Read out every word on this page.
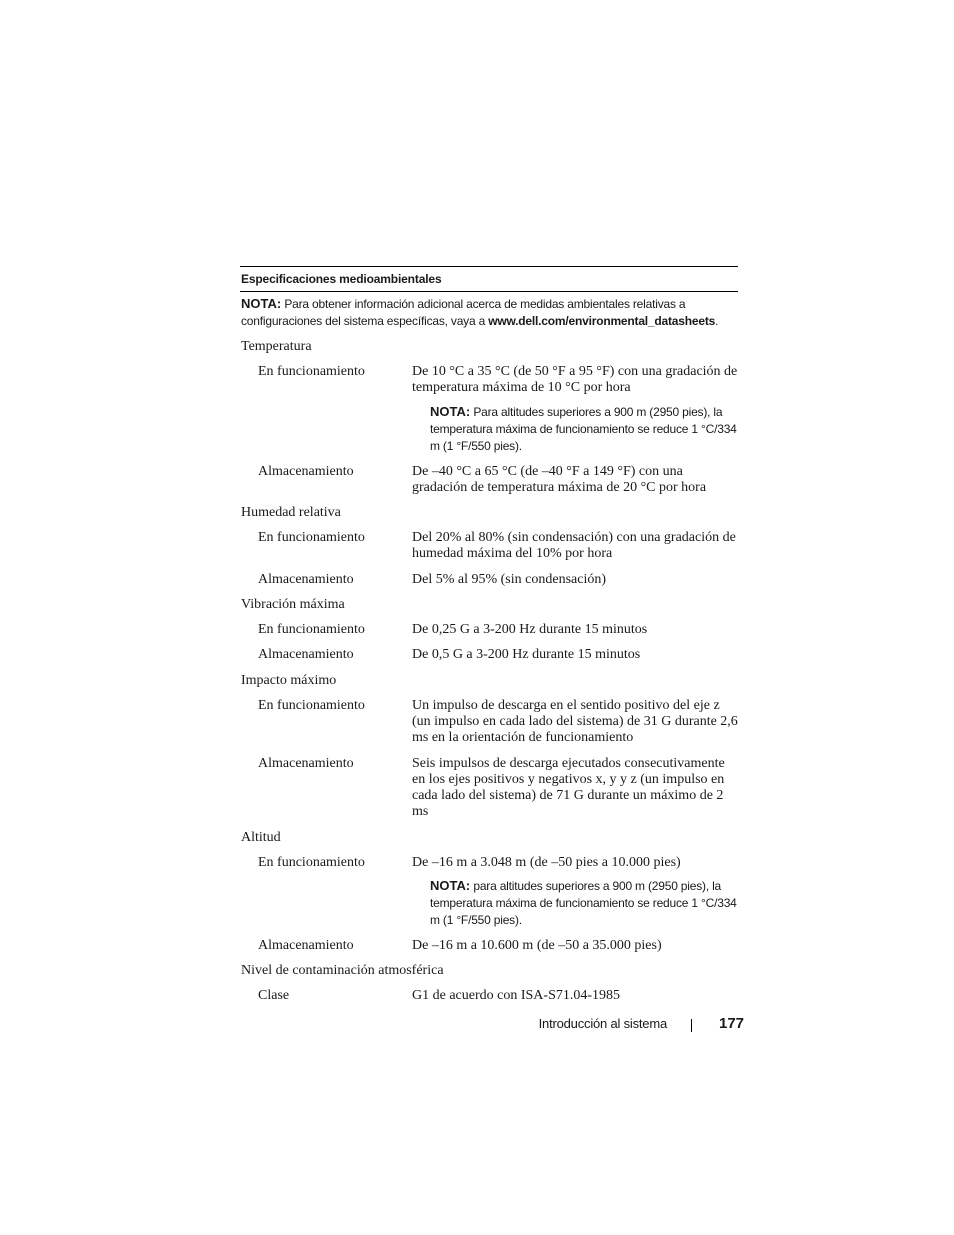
Especificaciones medioambientales
NOTA: Para obtener información adicional acerca de medidas ambientales relativas a configuraciones del sistema específicas, vaya a www.dell.com/environmental_datasheets.
Temperatura
En funcionamiento	De 10 °C a 35 °C (de 50 °F a 95 °F) con una gradación de temperatura máxima de 10 °C por hora
NOTA: Para altitudes superiores a 900 m (2950 pies), la temperatura máxima de funcionamiento se reduce 1 °C/334 m (1 °F/550 pies).
Almacenamiento	De –40 °C a 65 °C (de –40 °F a 149 °F) con una gradación de temperatura máxima de 20 °C por hora
Humedad relativa
En funcionamiento	Del 20% al 80% (sin condensación) con una gradación de humedad máxima del 10% por hora
Almacenamiento	Del 5% al 95% (sin condensación)
Vibración máxima
En funcionamiento	De 0,25 G a 3-200 Hz durante 15 minutos
Almacenamiento	De 0,5 G a 3-200 Hz durante 15 minutos
Impacto máximo
En funcionamiento	Un impulso de descarga en el sentido positivo del eje z (un impulso en cada lado del sistema) de 31 G durante 2,6 ms en la orientación de funcionamiento
Almacenamiento	Seis impulsos de descarga ejecutados consecutivamente en los ejes positivos y negativos x, y y z (un impulso en cada lado del sistema) de 71 G durante un máximo de 2 ms
Altitud
En funcionamiento	De –16 m a 3.048 m (de –50 pies a 10.000 pies)
NOTA: para altitudes superiores a 900 m (2950 pies), la temperatura máxima de funcionamiento se reduce 1 °C/334 m (1 °F/550 pies).
Almacenamiento	De –16 m a 10.600 m (de –50 a 35.000 pies)
Nivel de contaminación atmosférica
Clase	G1 de acuerdo con ISA-S71.04-1985
Introducción al sistema	177
